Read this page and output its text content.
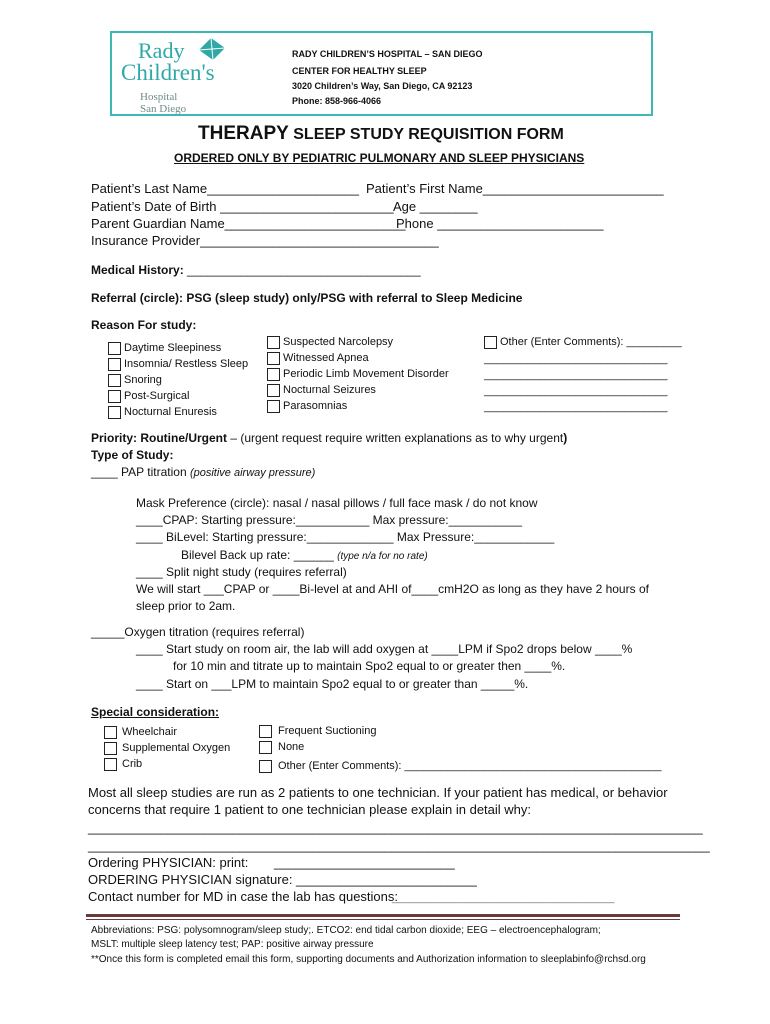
Rady
Children's
Hospital
San Diego
RADY CHILDREN’S HOSPITAL – SAN DIEGO
CENTER FOR HEALTHY SLEEP
3020 Children’s Way, San Diego, CA 92123
Phone: 858-966-4066
THERAPY SLEEP STUDY REQUISITION FORM
ORDERED ONLY BY PEDIATRIC PULMONARY AND SLEEP PHYSICIANS
Patient’s Last Name_____________________ Patient’s First Name_________________________
Patient’s Date of Birth ________________________ Age ________
Parent Guardian Name_________________________
Phone _______________________
Insurance Provider_________________________________
Medical History: ___________________________________
Referral (circle): PSG (sleep study) only/PSG with referral to Sleep Medicine
Reason For study:
Daytime Sleepiness
Insomnia/ Restless Sleep
Snoring
Post-Surgical
Nocturnal Enuresis
Suspected Narcolepsy
Witnessed Apnea
Periodic Limb Movement Disorder
Nocturnal Seizures
Parasomnias
Other (Enter Comments): _________
______________________________
______________________________
______________________________
______________________________
Priority: Routine/Urgent – (urgent request require written explanations as to why urgent)
Type of Study:
____ PAP titration (positive airway pressure)
Mask Preference (circle): nasal / nasal pillows / full face mask / do not know
____CPAP: Starting pressure:___________ Max pressure:___________
____ BiLevel: Starting pressure:_____________ Max Pressure:____________
Bilevel Back up rate: ______ (type n/a for no rate)
____ Split night study (requires referral)
We will start ___CPAP or ____Bi-level at and AHI of____cmH2O as long as they have 2 hours of
sleep prior to 2am.
_____Oxygen titration (requires referral)
____ Start study on room air, the lab will add oxygen at ____LPM if Spo2 drops below ____%
for 10 min and titrate up to maintain Spo2 equal to or greater then ____%.
____ Start on ___LPM to maintain Spo2 equal to or greater than _____%.
Special consideration:
Wheelchair
Supplemental Oxygen
Crib
Frequent Suctioning
None
Other (Enter Comments): __________________________________________
Most all sleep studies are run as 2 patients to one technician. If your patient has medical, or behavior
concerns that require 1 patient to one technician please explain in detail why:
_____________________________________________________________________________________
______________________________________________________________________________________
Ordering PHYSICIAN: print: _________________________
ORDERING PHYSICIAN signature: _________________________
Contact number for MD in case the lab has questions:
________________________________________
Abbreviations: PSG: polysomnogram/sleep study;. ETCO2: end tidal carbon dioxide; EEG – electroencephalogram;
MSLT: multiple sleep latency test; PAP: positive airway pressure
**Once this form is completed email this form, supporting documents and Authorization information to sleeplabinfo@rchsd.org
